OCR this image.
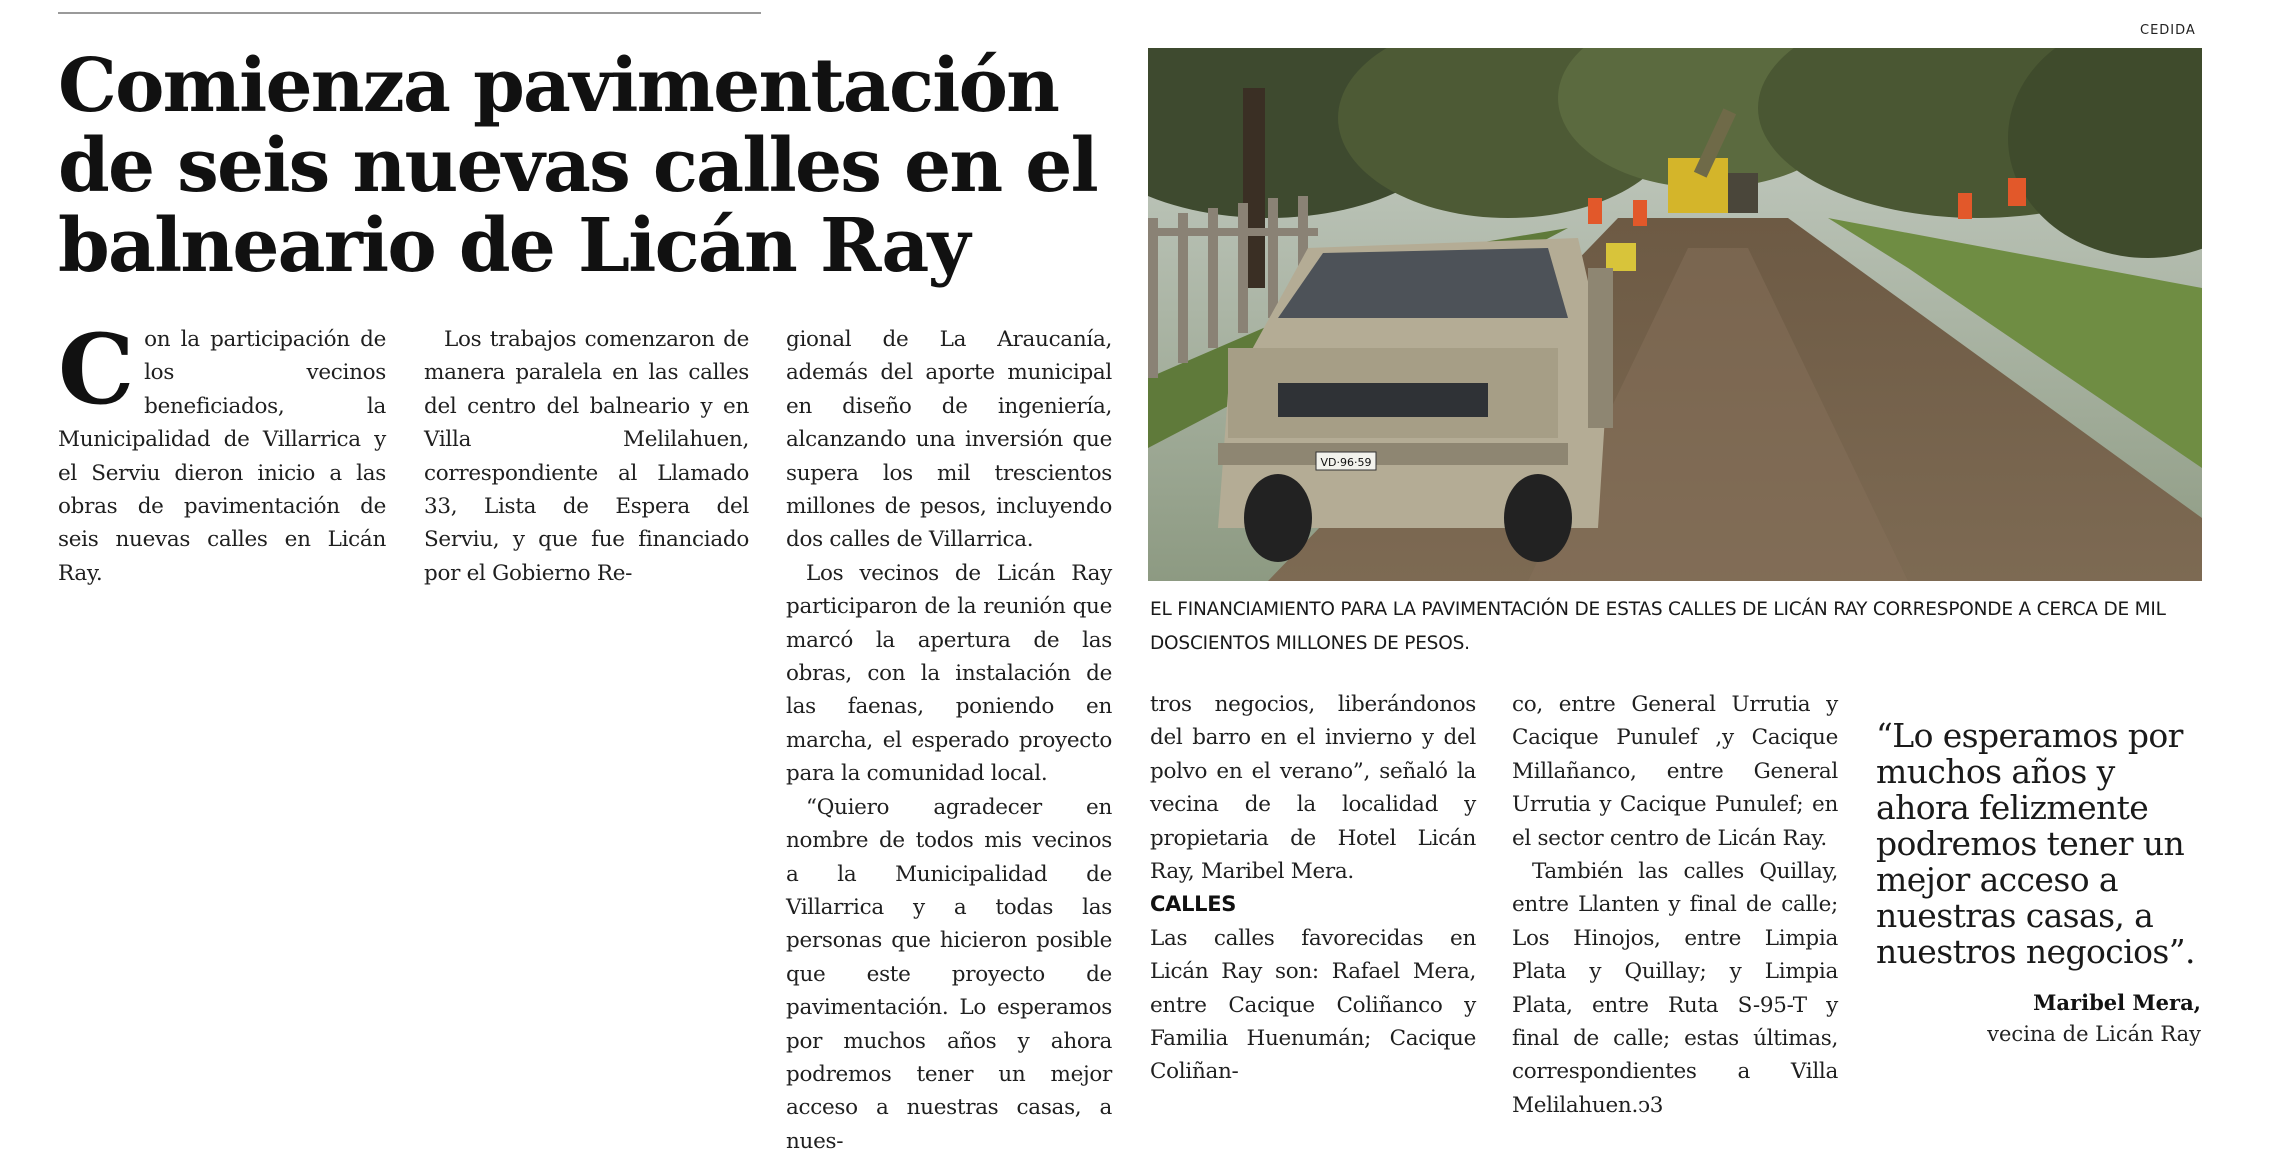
CEDIDA
Comienza pavimentación de seis nuevas calles en el balneario de Licán Ray

Con la participación de los vecinos beneficiados, la Municipalidad de Villarrica y el Serviu dieron inicio a las obras de pavimentación de seis nuevas calles en Licán Ray.

Los trabajos comenzaron de manera paralela en las calles del centro del balneario y en Villa Melilahuen, correspondiente al Llamado 33, Lista de Espera del Serviu, y que fue financiado por el Gobierno Re-

gional de La Araucanía, además del aporte municipal en diseño de ingeniería, alcanzando una inversión que supera los mil trescientos millones de pesos, incluyendo dos calles de Villarrica.

Los vecinos de Licán Ray participaron de la reunión que marcó la apertura de las obras, con la instalación de las faenas, poniendo en marcha, el esperado proyecto para la comunidad local.

“Quiero agradecer en nombre de todos mis vecinos a la Municipalidad de Villarrica y a todas las personas que hicieron posible que este proyecto de pavimentación. Lo esperamos por muchos años y ahora podremos tener un mejor acceso a nuestras casas, a nues-

VD·96·59
EL FINANCIAMIENTO PARA LA PAVIMENTACIÓN DE ESTAS CALLES DE LICÁN RAY CORRESPONDE A CERCA DE MIL DOSCIENTOS MILLONES DE PESOS.

tros negocios, liberándonos del barro en el invierno y del polvo en el verano”, señaló la vecina de la localidad y propietaria de Hotel Licán Ray, Maribel Mera.

CALLES

Las calles favorecidas en Licán Ray son: Rafael Mera, entre Cacique Coliñanco y Familia Huenumán; Cacique Coliñan-

co, entre General Urrutia y Cacique Punulef ,y Cacique Millañanco, entre General Urrutia y Cacique Punulef; en el sector centro de Licán Ray.

También las calles Quillay, entre Llanten y final de calle; Los Hinojos, entre Limpia Plata y Quillay; y Limpia Plata, entre Ruta S-95-T y final de calle; estas últimas, correspondientes a Villa Melilahuen.ↄ3

“Lo esperamos por muchos años y ahora felizmente podremos tener un mejor acceso a nuestras casas, a nuestros negocios”.

Maribel Mera,
vecina de Licán Ray
